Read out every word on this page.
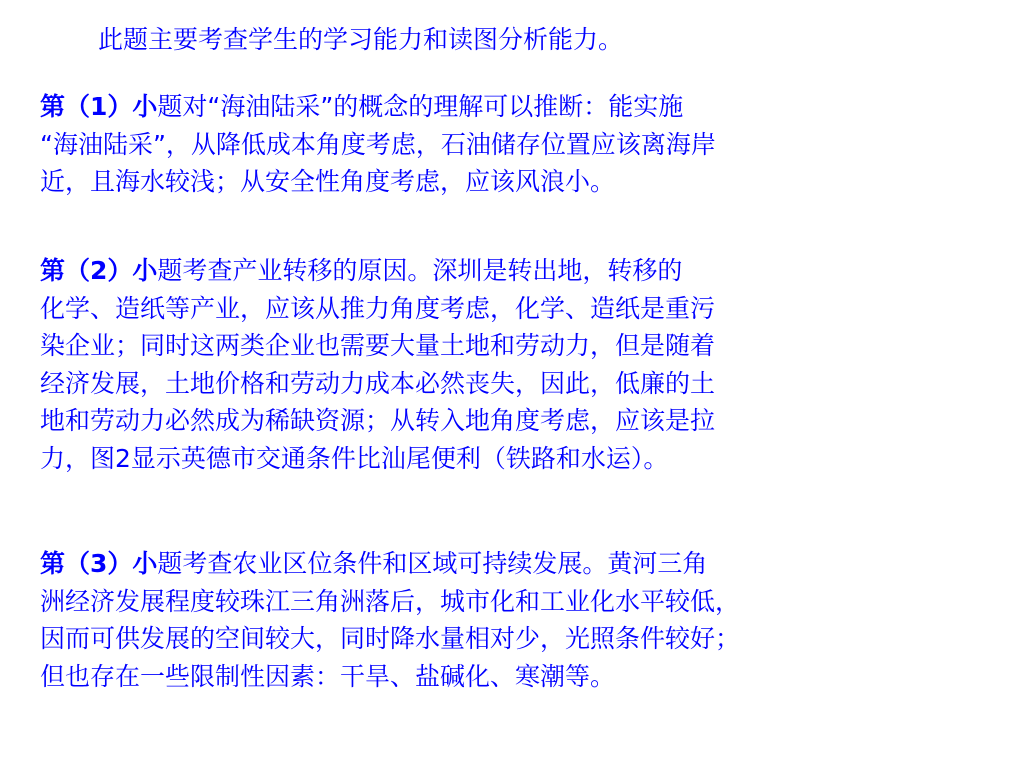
此题主要考查学生的学习能力和读图分析能力。
第（1）小题对“海油陆采”的概念的理解可以推断：能实施
“海油陆采”，从降低成本角度考虑，石油储存位置应该离海岸
近，且海水较浅；从安全性角度考虑，应该风浪小。
第（2）小题考查产业转移的原因。深圳是转出地，转移的
化学、造纸等产业，应该从推力角度考虑，化学、造纸是重污
染企业；同时这两类企业也需要大量土地和劳动力，但是随着
经济发展，土地价格和劳动力成本必然丧失，因此，低廉的土
地和劳动力必然成为稀缺资源；从转入地角度考虑，应该是拉
力，图2显示英德市交通条件比汕尾便利（铁路和水运）。
第（3）小题考查农业区位条件和区域可持续发展。黄河三角
洲经济发展程度较珠江三角洲落后，城市化和工业化水平较低，
因而可供发展的空间较大，同时降水量相对少，光照条件较好；
但也存在一些限制性因素：干旱、盐碱化、寒潮等。
